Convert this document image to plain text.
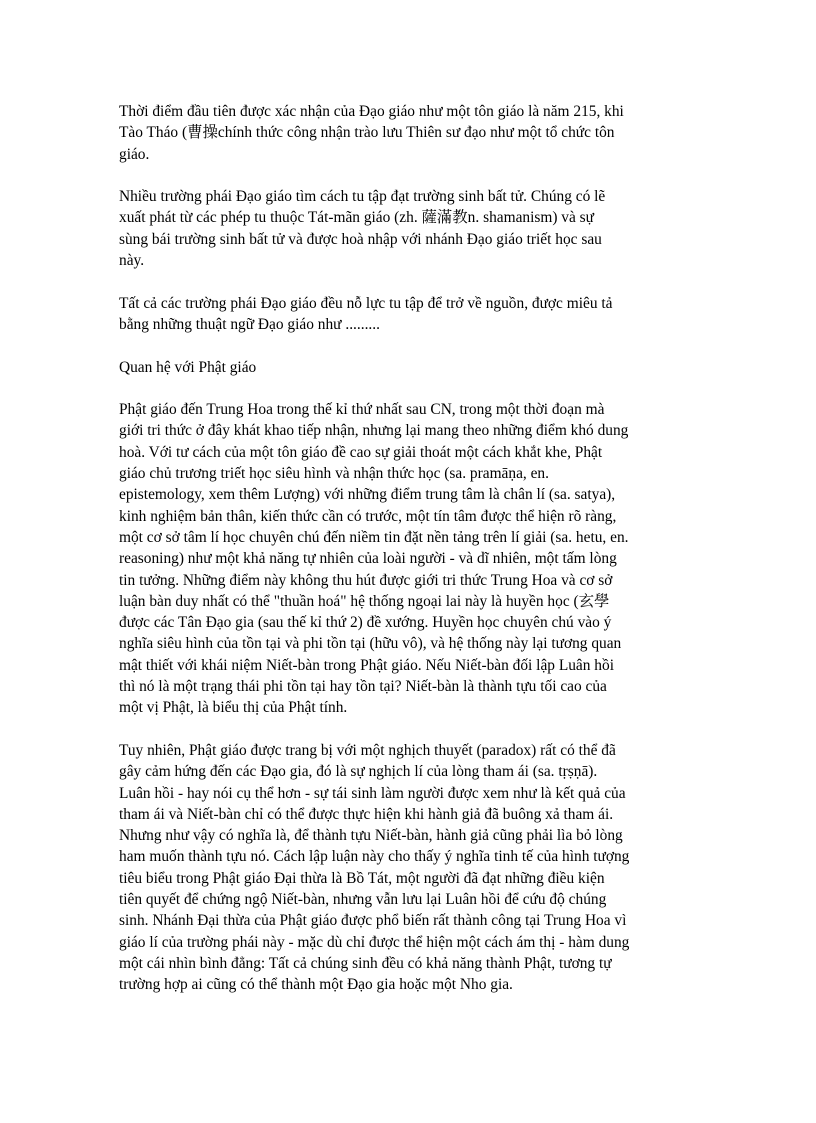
Thời điểm đầu tiên được xác nhận của Đạo giáo như một tôn giáo là năm 215, khi
Tào Tháo (曹操chính thức công nhận trào lưu Thiên sư đạo như một tổ chức tôn
giáo.

Nhiều trường phái Đạo giáo tìm cách tu tập đạt trường sinh bất tử. Chúng có lẽ
xuất phát từ các phép tu thuộc Tát-mãn giáo (zh. 薩滿教n. shamanism) và sự
sùng bái trường sinh bất tử và được hoà nhập với nhánh Đạo giáo triết học sau
này.

Tất cả các trường phái Đạo giáo đều nỗ lực tu tập để trở về nguồn, được miêu tả
bằng những thuật ngữ Đạo giáo như .........

Quan hệ với Phật giáo

Phật giáo đến Trung Hoa trong thế kỉ thứ nhất sau CN, trong một thời đoạn mà
giới tri thức ở đây khát khao tiếp nhận, nhưng lại mang theo những điểm khó dung
hoà. Với tư cách của một tôn giáo đề cao sự giải thoát một cách khắt khe, Phật
giáo chủ trương triết học siêu hình và nhận thức học (sa. pramāṇa, en.
epistemology, xem thêm Lượng) với những điểm trung tâm là chân lí (sa. satya),
kinh nghiệm bản thân, kiến thức cần có trước, một tín tâm được thể hiện rõ ràng,
một cơ sở tâm lí học chuyên chú đến niềm tin đặt nền tảng trên lí giải (sa. hetu, en.
reasoning) như một khả năng tự nhiên của loài người - và dĩ nhiên, một tấm lòng
tin tưởng. Những điểm này không thu hút được giới tri thức Trung Hoa và cơ sở
luận bàn duy nhất có thể "thuần hoá" hệ thống ngoại lai này là huyền học (玄學
được các Tân Đạo gia (sau thế kỉ thứ 2) đề xướng. Huyền học chuyên chú vào ý
nghĩa siêu hình của tồn tại và phi tồn tại (hữu vô), và hệ thống này lại tương quan
mật thiết với khái niệm Niết-bàn trong Phật giáo. Nếu Niết-bàn đối lập Luân hồi
thì nó là một trạng thái phi tồn tại hay tồn tại? Niết-bàn là thành tựu tối cao của
một vị Phật, là biểu thị của Phật tính.

Tuy nhiên, Phật giáo được trang bị với một nghịch thuyết (paradox) rất có thể đã
gây cảm hứng đến các Đạo gia, đó là sự nghịch lí của lòng tham ái (sa. tṛṣṇā).
Luân hồi - hay nói cụ thể hơn - sự tái sinh làm người được xem như là kết quả của
tham ái và Niết-bàn chỉ có thể được thực hiện khi hành giả đã buông xả tham ái.
Nhưng như vậy có nghĩa là, để thành tựu Niết-bàn, hành giả cũng phải lìa bỏ lòng
ham muốn thành tựu nó. Cách lập luận này cho thấy ý nghĩa tinh tế của hình tượng
tiêu biểu trong Phật giáo Đại thừa là Bồ Tát, một người đã đạt những điều kiện
tiên quyết để chứng ngộ Niết-bàn, nhưng vẫn lưu lại Luân hồi để cứu độ chúng
sinh. Nhánh Đại thừa của Phật giáo được phổ biến rất thành công tại Trung Hoa vì
giáo lí của trường phái này - mặc dù chỉ được thể hiện một cách ám thị - hàm dung
một cái nhìn bình đẳng: Tất cả chúng sinh đều có khả năng thành Phật, tương tự
trường hợp ai cũng có thể thành một Đạo gia hoặc một Nho gia.
